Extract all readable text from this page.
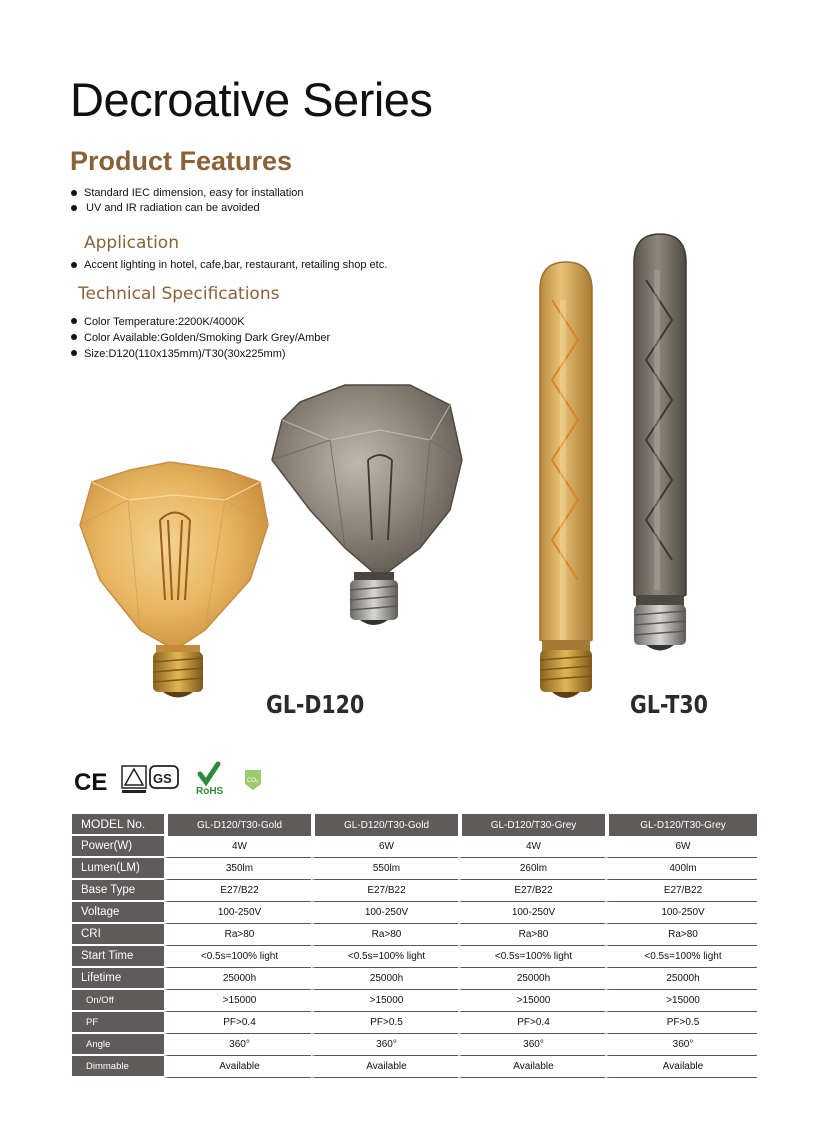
Decroative Series
Product Features
Standard IEC dimension, easy for installation
UV and IR radiation can be avoided
Application
Accent lighting in hotel, cafe,bar, restaurant, retailing shop etc.
Technical Specifications
Color Temperature:2200K/4000K
Color Available:Golden/Smoking Dark Grey/Amber
Size:D120(110x135mm)/T30(30x225mm)
GL-D120	GL-T30
CE	GS
RoHS
CO₂
MODEL No.	GL-D120/T30-Gold	GL-D120/T30-Gold	GL-D120/T30-Grey	GL-D120/T30-Grey
Power(W)	4W	6W	4W	6W
Lumen(LM)	350lm	550lm	260lm	400lm
Base Type	E27/B22	E27/B22	E27/B22	E27/B22
Voltage	100-250V	100-250V	100-250V	100-250V
CRI	Ra>80	Ra>80	Ra>80	Ra>80
Start Time	<0.5s=100% light	<0.5s=100% light	<0.5s=100% light	<0.5s=100% light
Lifetime	25000h	25000h	25000h	25000h
On/Off	>15000	>15000	>15000	>15000
PF	PF>0.4	PF>0.5	PF>0.4	PF>0.5
Angle	360°	360°	360°	360°
Dimmable	Available	Available	Available	Available
